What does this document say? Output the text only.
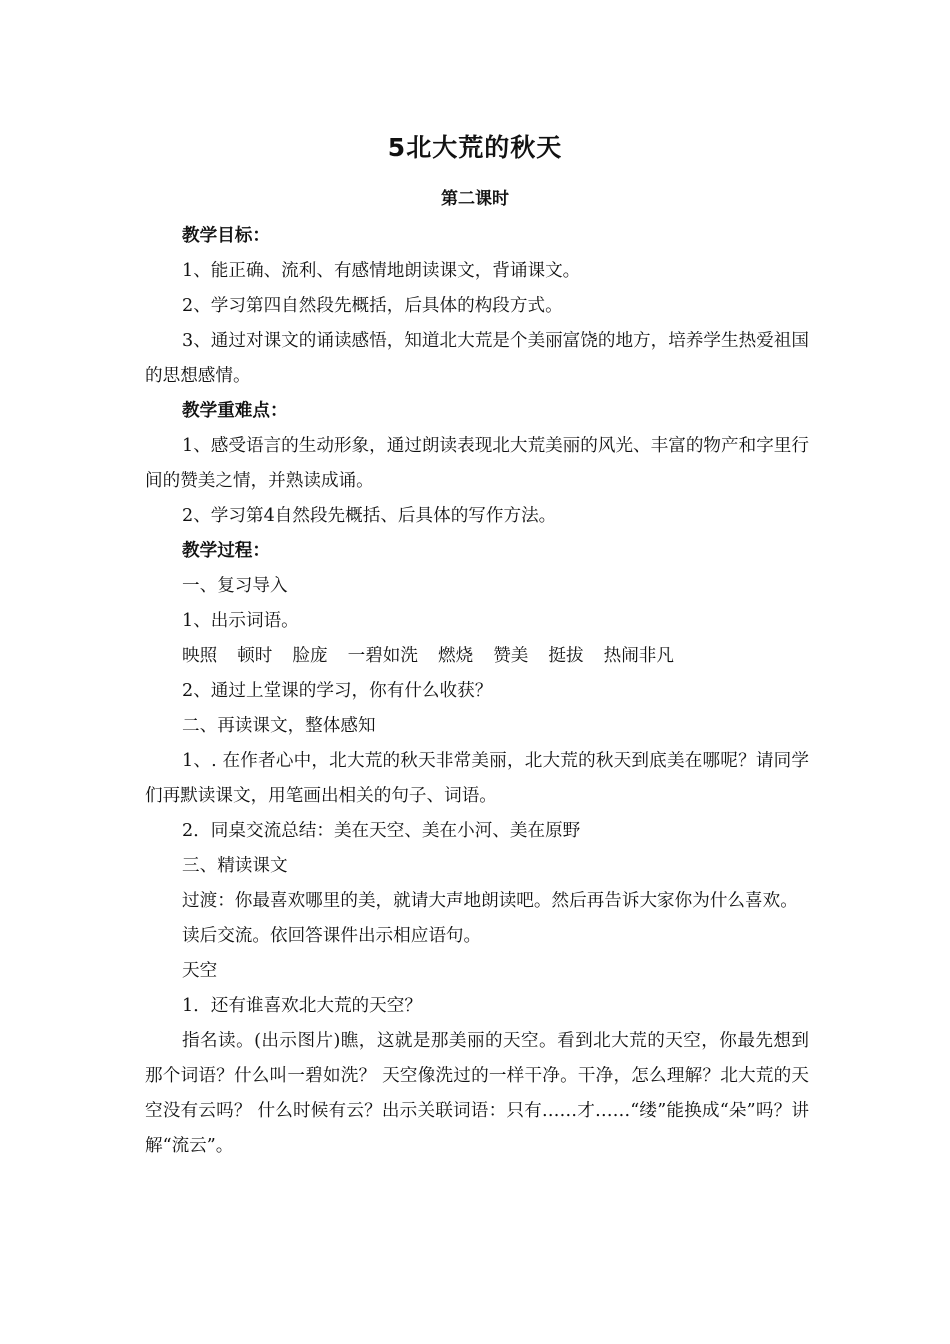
5北大荒的秋天
第二课时

教学目标：

1、能正确、流利、有感情地朗读课文，背诵课文。

2、学习第四自然段先概括，后具体的构段方式。

3、通过对课文的诵读感悟，知道北大荒是个美丽富饶的地方，培养学生热爱祖国的思想感情。

教学重难点：

1、感受语言的生动形象，通过朗读表现北大荒美丽的风光、丰富的物产和字里行间的赞美之情，并熟读成诵。

2、学习第4自然段先概括、后具体的写作方法。

教学过程：

一、复习导入

1、出示词语。

映照 顿时 脸庞 一碧如洗 燃烧 赞美 挺拔 热闹非凡

2、通过上堂课的学习，你有什么收获？

二、再读课文，整体感知

1、. 在作者心中，北大荒的秋天非常美丽，北大荒的秋天到底美在哪呢？请同学们再默读课文，用笔画出相关的句子、词语。

2．同桌交流总结：美在天空、美在小河、美在原野

三、精读课文

过渡：你最喜欢哪里的美，就请大声地朗读吧。然后再告诉大家你为什么喜欢。

读后交流。依回答课件出示相应语句。

天空

1．还有谁喜欢北大荒的天空？

指名读。(出示图片)瞧，这就是那美丽的天空。看到北大荒的天空，你最先想到那个词语？什么叫一碧如洗？ 天空像洗过的一样干净。干净，怎么理解？北大荒的天空没有云吗？ 什么时候有云？出示关联词语：只有……才……“缕”能换成“朵”吗？讲解“流云”。
